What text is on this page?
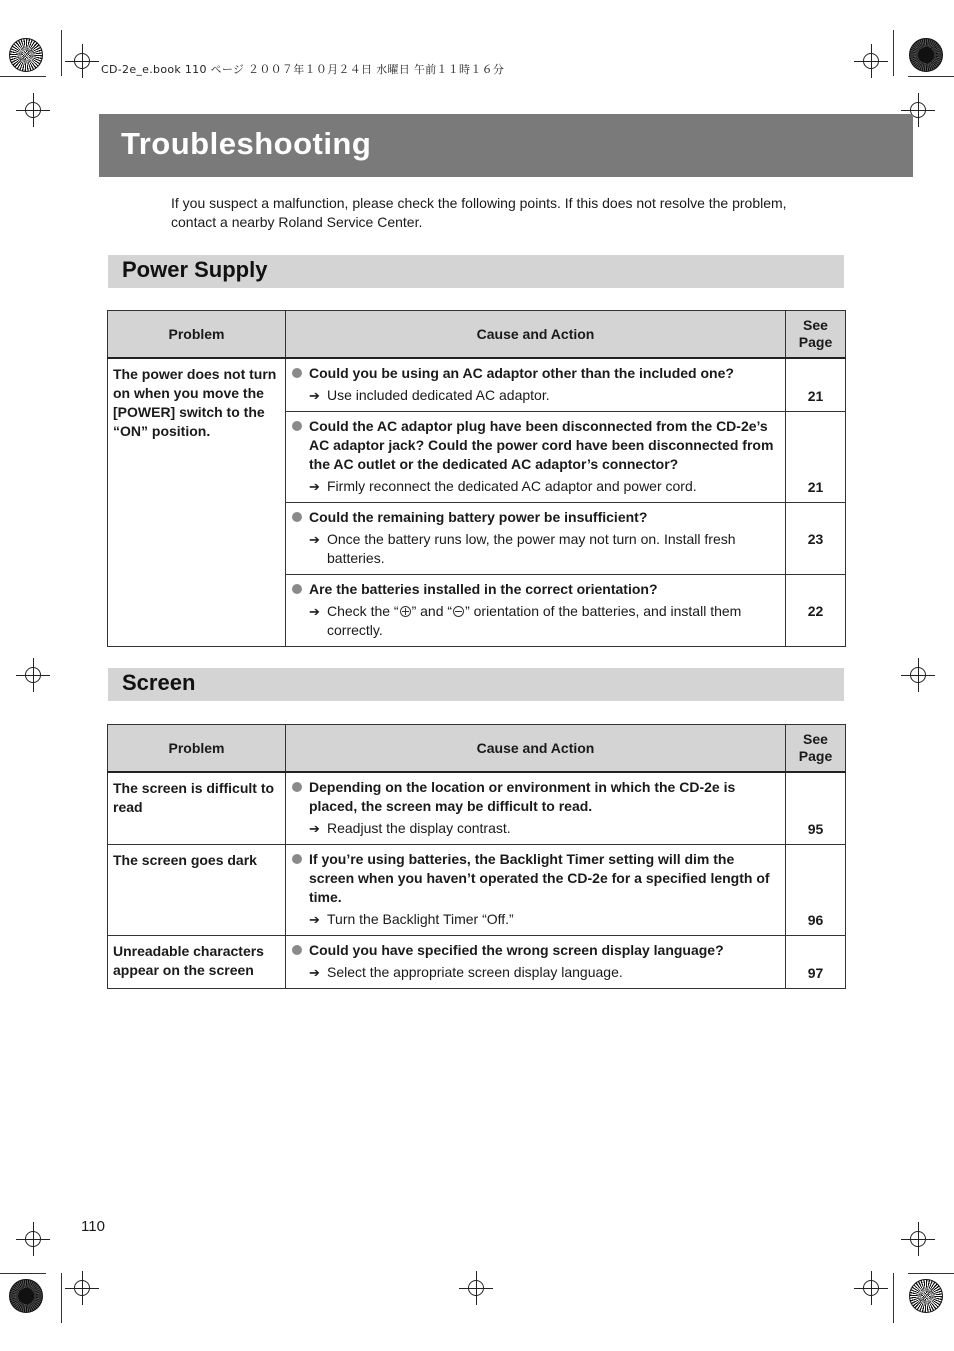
CD-2e_e.book 110 ページ ２００７年１０月２４日 水曜日 午前１１時１６分
Troubleshooting
If you suspect a malfunction, please check the following points. If this does not resolve the problem, contact a nearby Roland Service Center.
Power Supply
Problem	Cause and Action	See
Page
The power does not turn on when you move the [POWER] switch to the “ON” position.	Could you be using an AC adaptor other than the included one?
➔ Use included dedicated AC adaptor.	21

Could the AC adaptor plug have been disconnected from the CD-2e’s AC adaptor jack? Could the power cord have been disconnected from the AC outlet or the dedicated AC adaptor’s connector?
➔ Firmly reconnect the dedicated AC adaptor and power cord.	21

Could the remaining battery power be insufficient?
➔ Once the battery runs low, the power may not turn on. Install fresh batteries.	23

Are the batteries installed in the correct orientation?
➔ Check the “ ” and “ ” orientation of the batteries, and install them correctly.	22
Screen
Problem	Cause and Action	See
Page
The screen is difficult to read	Depending on the location or environment in which the CD-2e is placed, the screen may be difficult to read.
➔ Readjust the display contrast.	95
The screen goes dark	If you’re using batteries, the Backlight Timer setting will dim the screen when you haven’t operated the CD-2e for a specified length of time.
➔ Turn the Backlight Timer “Off.”	96
Unreadable characters appear on the screen	Could you have specified the wrong screen display language?
➔ Select the appropriate screen display language.	97
110
